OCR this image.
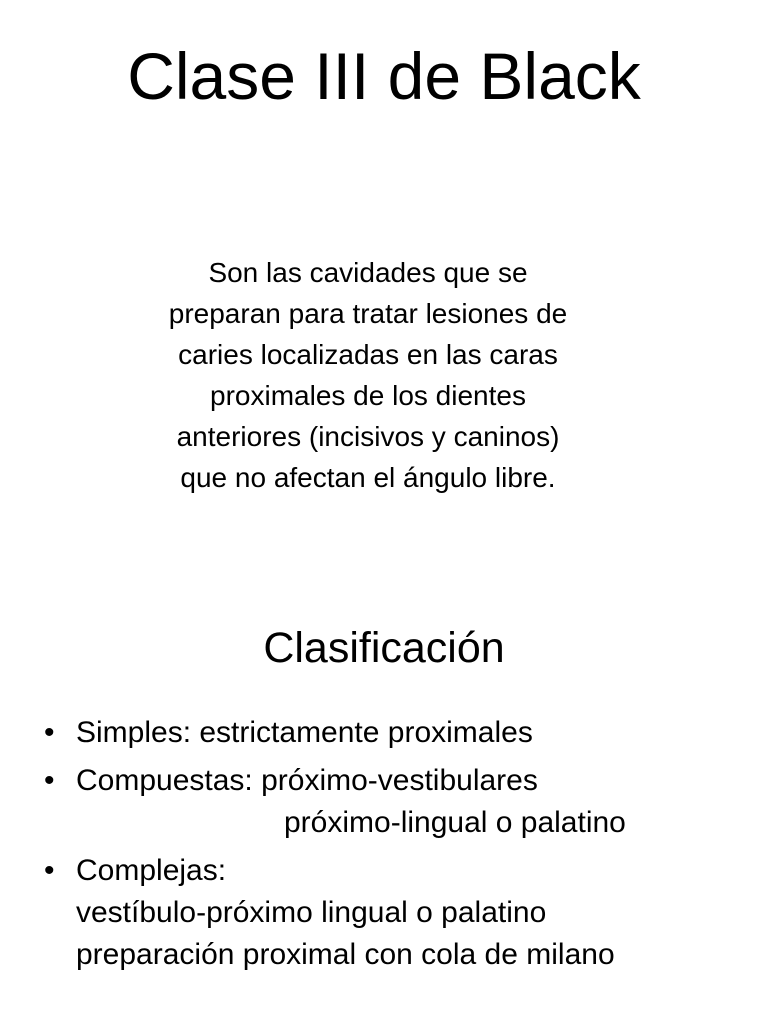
Clase III de Black

Son las cavidades que se
preparan para tratar lesiones de
caries localizadas en las caras
proximales de los dientes
anteriores (incisivos y caninos)
que no afectan el ángulo libre.

Clasificación
• Simples: estrictamente proximales
• Compuestas: próximo-vestibulares
próximo-lingual o palatino
• Complejas:
vestíbulo-próximo lingual o palatino
preparación proximal con cola de milano
